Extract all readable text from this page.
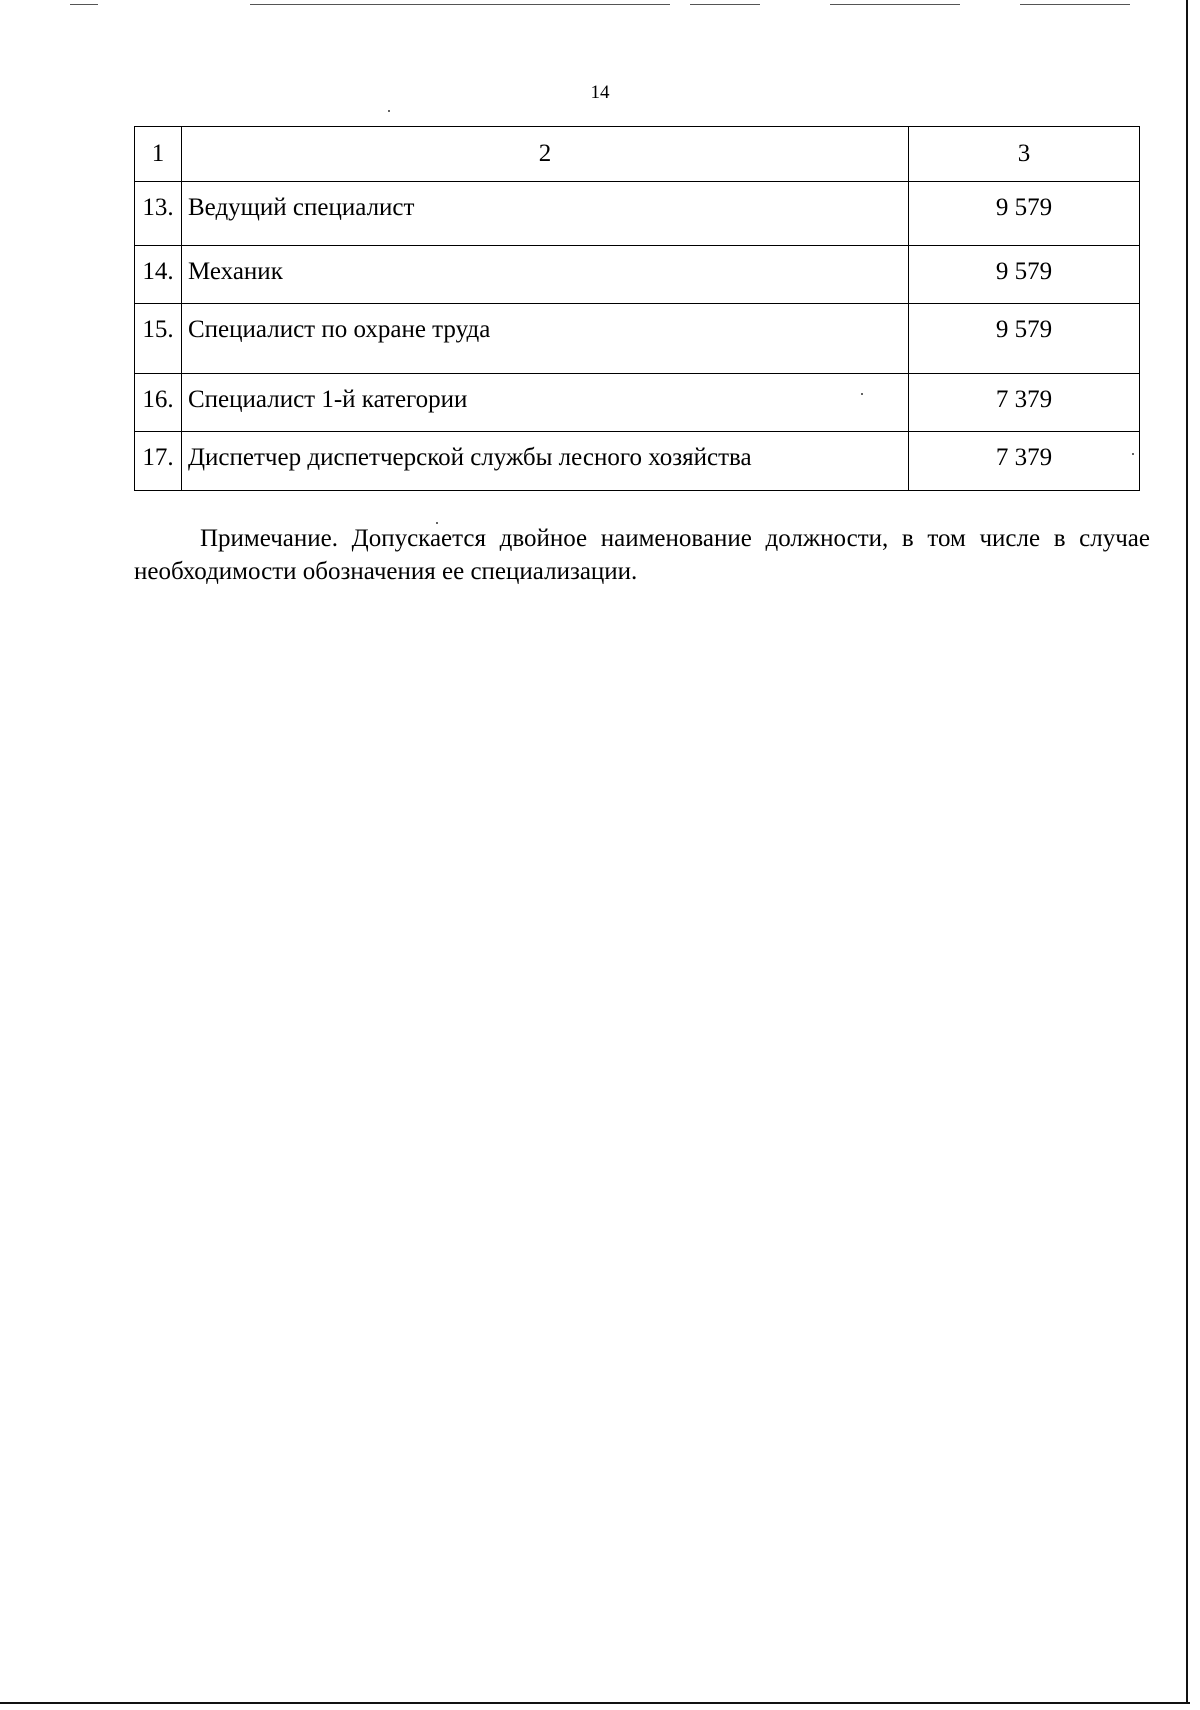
14
1	2	3
13.	Ведущий специалист	9 579
14.	Механик	9 579
15.	Специалист по охране труда	9 579
16.	Специалист 1-й категории	7 379
17.	Диспетчер диспетчерской службы лесного хозяйства	7 379
Примечание. Допускается двойное наименование должности, в том числе в случае необходимости обозначения ее специализации.
